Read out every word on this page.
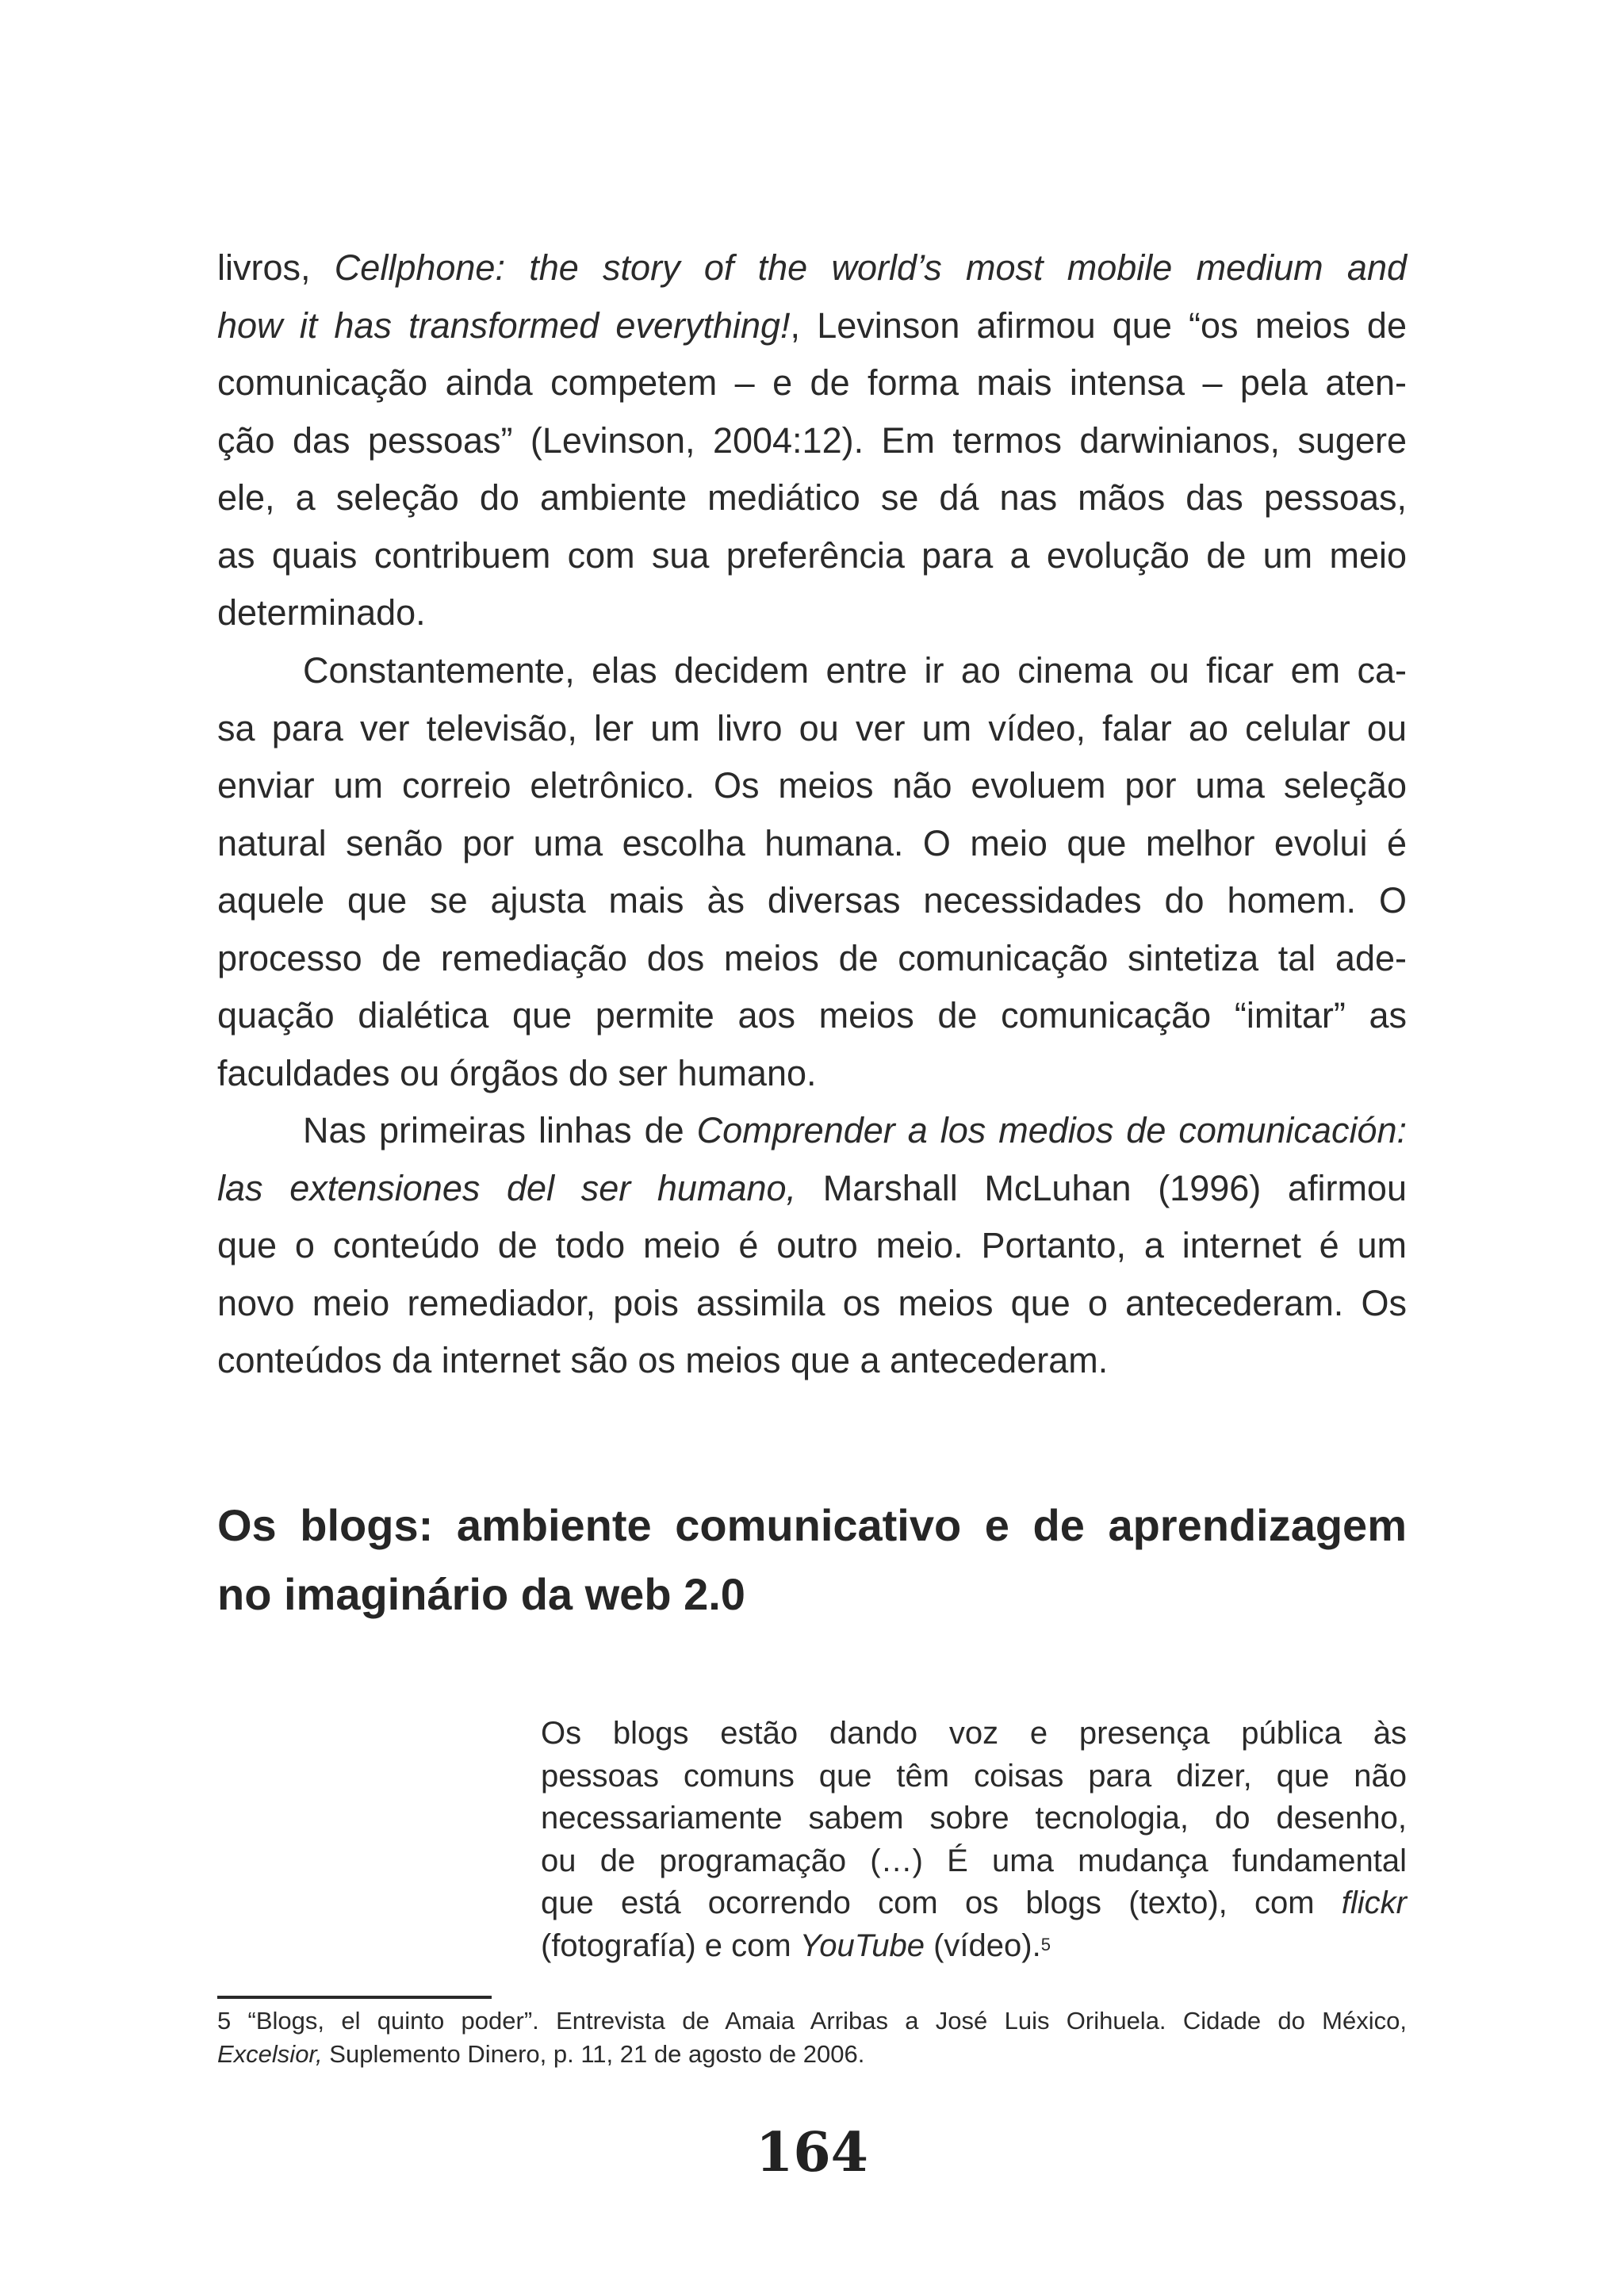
livros, Cellphone: the story of the world’s most mobile medium and
how it has transformed everything!, Levinson afirmou que “os meios de
comunicação ainda competem – e de forma mais intensa – pela aten-
ção das pessoas” (Levinson, 2004:12). Em termos darwinianos, sugere
ele, a seleção do ambiente mediático se dá nas mãos das pessoas,
as quais contribuem com sua preferência para a evolução de um meio
determinado.
Constantemente, elas decidem entre ir ao cinema ou ficar em ca-
sa para ver televisão, ler um livro ou ver um vídeo, falar ao celular ou
enviar um correio eletrônico. Os meios não evoluem por uma seleção
natural senão por uma escolha humana. O meio que melhor evolui é
aquele que se ajusta mais às diversas necessidades do homem. O
processo de remediação dos meios de comunicação sintetiza tal ade-
quação dialética que permite aos meios de comunicação “imitar” as
faculdades ou órgãos do ser humano.
Nas primeiras linhas de Comprender a los medios de comunicación:
las extensiones del ser humano, Marshall McLuhan (1996) afirmou
que o conteúdo de todo meio é outro meio. Portanto, a internet é um
novo meio remediador, pois assimila os meios que o antecederam. Os
conteúdos da internet são os meios que a antecederam.
Os blogs: ambiente comunicativo e de aprendizagem
no imaginário da web 2.0
Os blogs estão dando voz e presença pública às
pessoas comuns que têm coisas para dizer, que não
necessariamente sabem sobre tecnologia, do desenho,
ou de programação (…) É uma mudança fundamental
que está ocorrendo com os blogs (texto), com flickr
(fotografía) e com YouTube (vídeo).$^5$
5 “Blogs, el quinto poder”. Entrevista de Amaia Arribas a José Luis Orihuela. Cidade do México,
Excelsior, Suplemento Dinero, p. 11, 21 de agosto de 2006.
164
